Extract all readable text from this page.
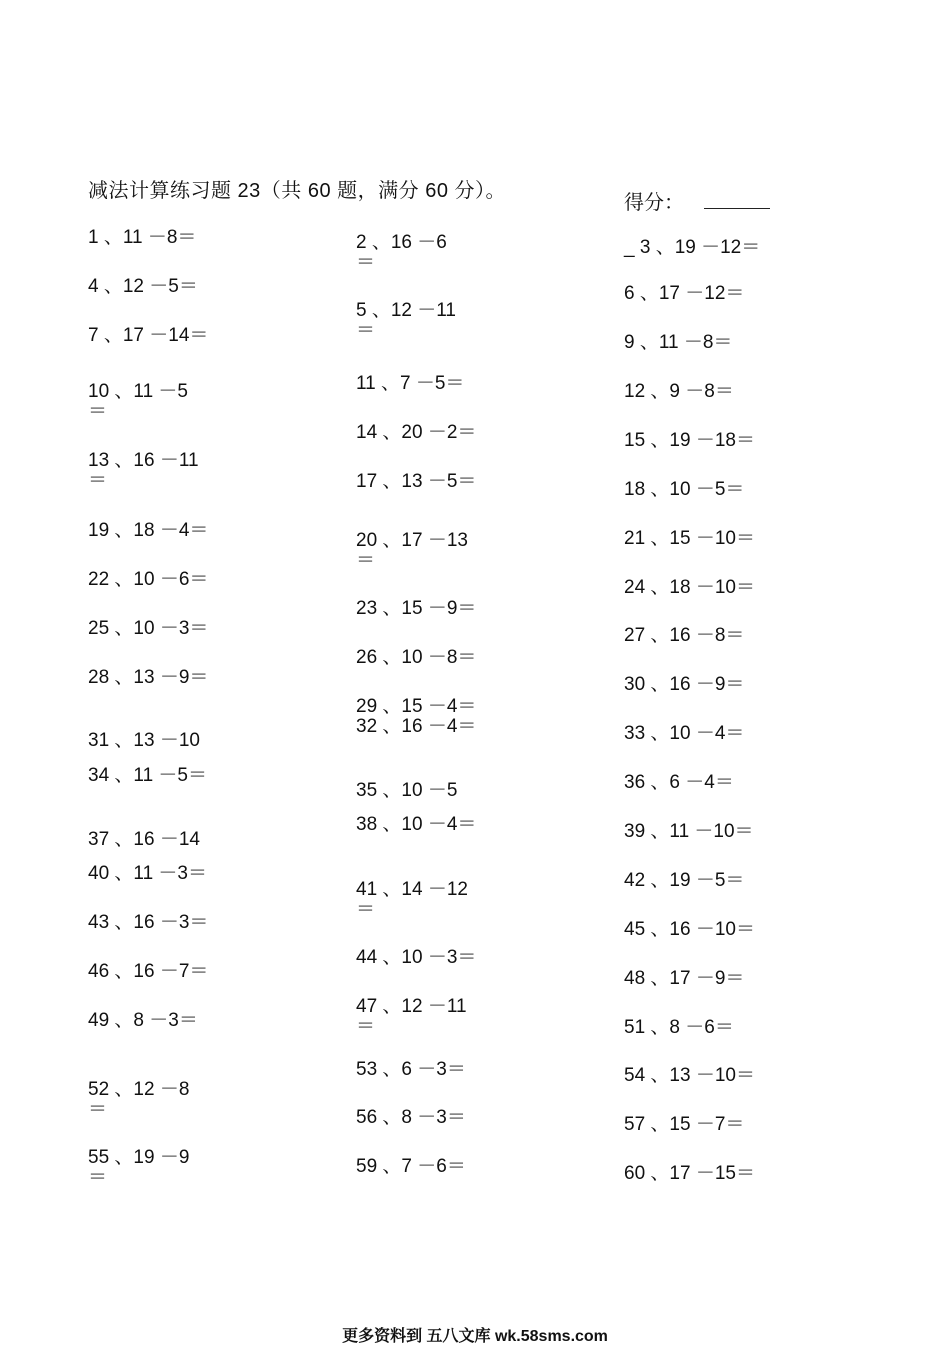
减法计算练习题 23（共 60 题，满分 60 分）。
得分：
1 、11 －8＝
4 、12 －5＝
7 、17 －14＝
10 、11 －5
＝
13 、16 －11
＝
19 、18 －4＝
22 、10 －6＝
25 、10 －3＝
28 、13 －9＝
31 、13 －10
34 、11 －5＝
37 、16 －14
40 、11 －3＝
43 、16 －3＝
46 、16 －7＝
49 、8 －3＝
52 、12 －8
＝
55 、19 －9
＝
2 、16 －6
＝
5 、12 －11
＝
11 、7 －5＝
14 、20 －2＝
17 、13 －5＝
20 、17 －13
＝
23 、15 －9＝
26 、10 －8＝
29 、15 －4＝
32 、16 －4＝
35 、10 －5
38 、10 －4＝
41 、14 －12
＝
44 、10 －3＝
47 、12 －11
＝
53 、6 －3＝
56 、8 －3＝
59 、7 －6＝
_ 3 、19 －12＝
6 、17 －12＝
9 、11 －8＝
12 、9 －8＝
15 、19 －18＝
18 、10 －5＝
21 、15 －10＝
24 、18 －10＝
27 、16 －8＝
30 、16 －9＝
33 、10 －4＝
36 、6 －4＝
39 、11 －10＝
42 、19 －5＝
45 、16 －10＝
48 、17 －9＝
51 、8 －6＝
54 、13 －10＝
57 、15 －7＝
60 、17 －15＝
更多资料到 五八文库 wk.58sms.com
